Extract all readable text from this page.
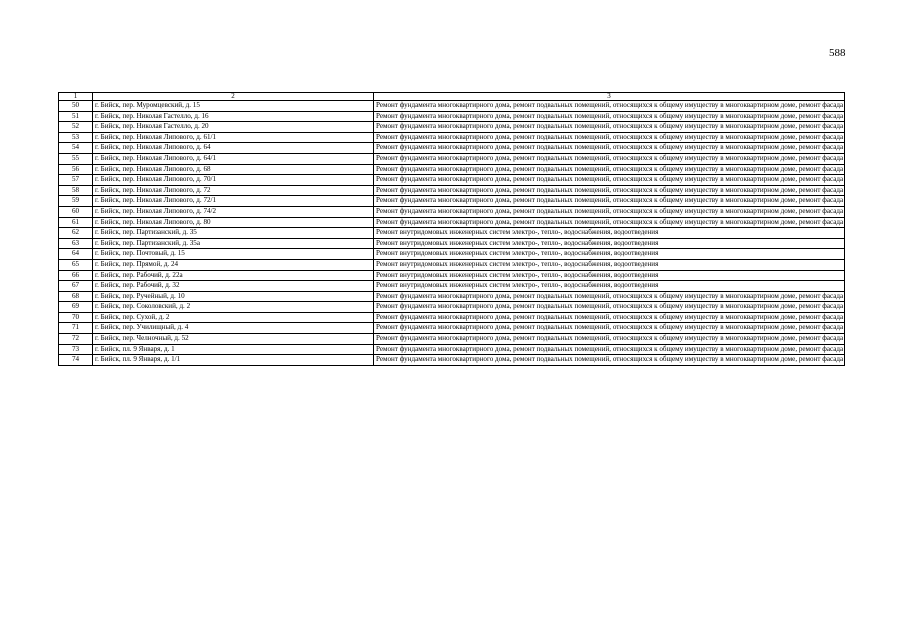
588
1	2	3
50	г. Бийск, пер. Муромцевский, д. 15	Ремонт фундамента многоквартирного дома, ремонт подвальных помещений, относящихся к общему имуществу в многоквартирном доме, ремонт фасада
51	г. Бийск, пер. Николая Гастелло, д. 16	Ремонт фундамента многоквартирного дома, ремонт подвальных помещений, относящихся к общему имуществу в многоквартирном доме, ремонт фасада
52	г. Бийск, пер. Николая Гастелло, д. 20	Ремонт фундамента многоквартирного дома, ремонт подвальных помещений, относящихся к общему имуществу в многоквартирном доме, ремонт фасада
53	г. Бийск, пер. Николая Липового, д. 61/1	Ремонт фундамента многоквартирного дома, ремонт подвальных помещений, относящихся к общему имуществу в многоквартирном доме, ремонт фасада
54	г. Бийск, пер. Николая Липового, д. 64	Ремонт фундамента многоквартирного дома, ремонт подвальных помещений, относящихся к общему имуществу в многоквартирном доме, ремонт фасада
55	г. Бийск, пер. Николая Липового, д. 64/1	Ремонт фундамента многоквартирного дома, ремонт подвальных помещений, относящихся к общему имуществу в многоквартирном доме, ремонт фасада
56	г. Бийск, пер. Николая Липового, д. 68	Ремонт фундамента многоквартирного дома, ремонт подвальных помещений, относящихся к общему имуществу в многоквартирном доме, ремонт фасада
57	г. Бийск, пер. Николая Липового, д. 70/1	Ремонт фундамента многоквартирного дома, ремонт подвальных помещений, относящихся к общему имуществу в многоквартирном доме, ремонт фасада
58	г. Бийск, пер. Николая Липового, д. 72	Ремонт фундамента многоквартирного дома, ремонт подвальных помещений, относящихся к общему имуществу в многоквартирном доме, ремонт фасада
59	г. Бийск, пер. Николая Липового, д. 72/1	Ремонт фундамента многоквартирного дома, ремонт подвальных помещений, относящихся к общему имуществу в многоквартирном доме, ремонт фасада
60	г. Бийск, пер. Николая Липового, д. 74/2	Ремонт фундамента многоквартирного дома, ремонт подвальных помещений, относящихся к общему имуществу в многоквартирном доме, ремонт фасада
61	г. Бийск, пер. Николая Липового, д. 80	Ремонт фундамента многоквартирного дома, ремонт подвальных помещений, относящихся к общему имуществу в многоквартирном доме, ремонт фасада
62	г. Бийск, пер. Партизанский, д. 35	Ремонт внутридомовых инженерных систем электро-, тепло-, водоснабжения, водоотведения
63	г. Бийск, пер. Партизанский, д. 35а	Ремонт внутридомовых инженерных систем электро-, тепло-, водоснабжения, водоотведения
64	г. Бийск, пер. Почтовый, д. 15	Ремонт внутридомовых инженерных систем электро-, тепло-, водоснабжения, водоотведения
65	г. Бийск, пер. Прямой, д. 24	Ремонт внутридомовых инженерных систем электро-, тепло-, водоснабжения, водоотведения
66	г. Бийск, пер. Рабочий, д. 22а	Ремонт внутридомовых инженерных систем электро-, тепло-, водоснабжения, водоотведения
67	г. Бийск, пер. Рабочий, д. 32	Ремонт внутридомовых инженерных систем электро-, тепло-, водоснабжения, водоотведения
68	г. Бийск, пер. Ручейный, д. 10	Ремонт фундамента многоквартирного дома, ремонт подвальных помещений, относящихся к общему имуществу в многоквартирном доме, ремонт фасада
69	г. Бийск, пер. Соколовский, д. 2	Ремонт фундамента многоквартирного дома, ремонт подвальных помещений, относящихся к общему имуществу в многоквартирном доме, ремонт фасада
70	г. Бийск, пер. Сухой, д. 2	Ремонт фундамента многоквартирного дома, ремонт подвальных помещений, относящихся к общему имуществу в многоквартирном доме, ремонт фасада
71	г. Бийск, пер. Училищный, д. 4	Ремонт фундамента многоквартирного дома, ремонт подвальных помещений, относящихся к общему имуществу в многоквартирном доме, ремонт фасада
72	г. Бийск, пер. Челночный, д. 52	Ремонт фундамента многоквартирного дома, ремонт подвальных помещений, относящихся к общему имуществу в многоквартирном доме, ремонт фасада
73	г. Бийск, пл. 9 Января, д. 1	Ремонт фундамента многоквартирного дома, ремонт подвальных помещений, относящихся к общему имуществу в многоквартирном доме, ремонт фасада
74	г. Бийск, пл. 9 Января, д. 1/1	Ремонт фундамента многоквартирного дома, ремонт подвальных помещений, относящихся к общему имуществу в многоквартирном доме, ремонт фасада
